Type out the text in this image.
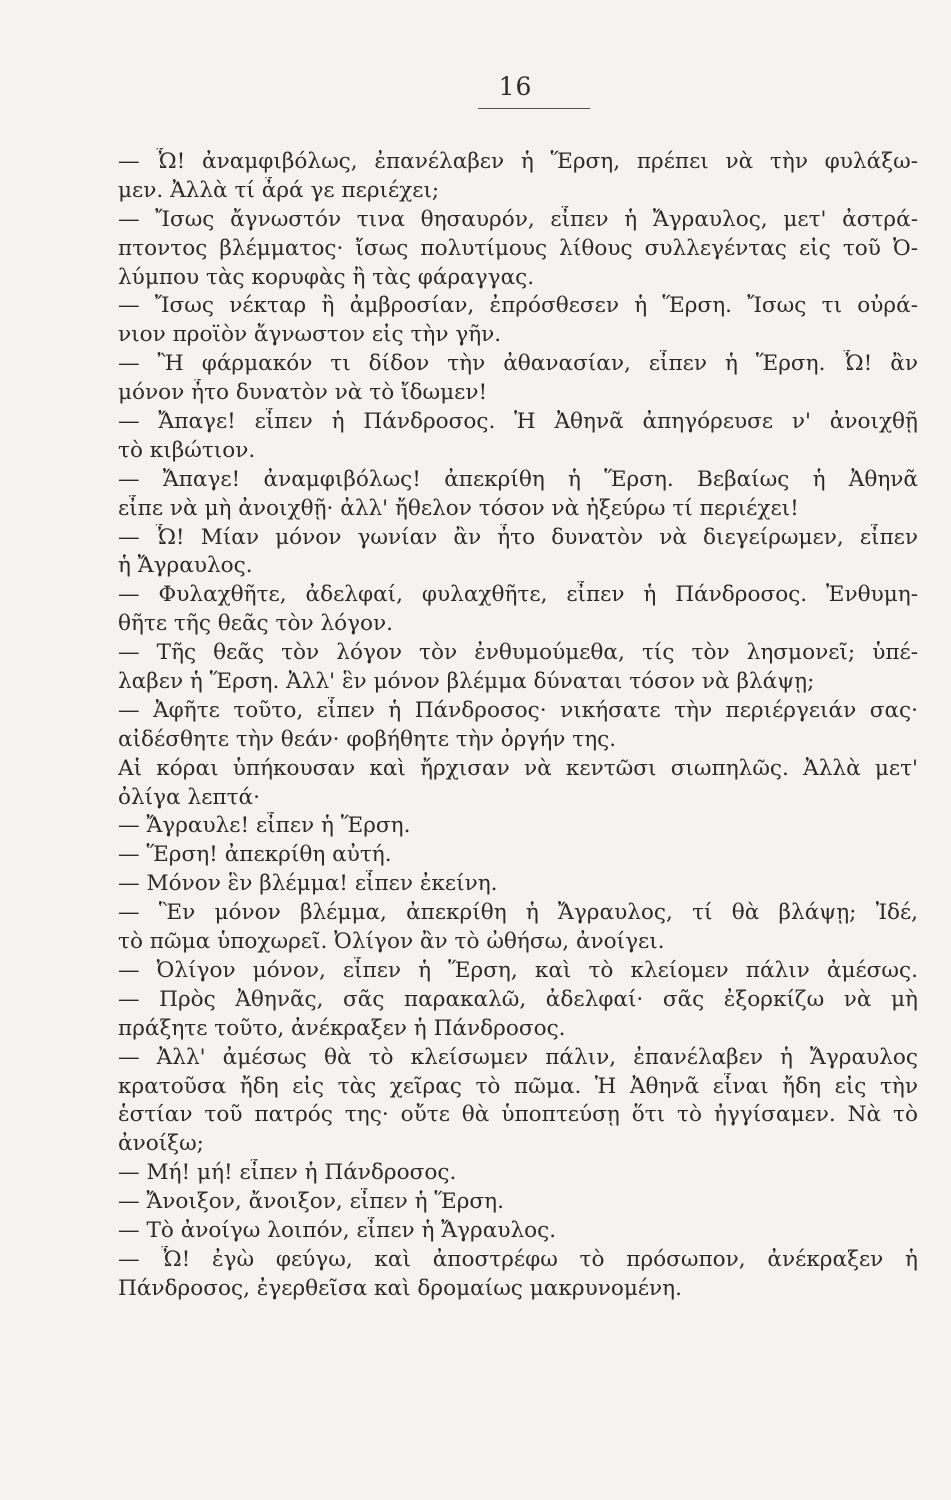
16
— Ὦ! ἀναμφιβόλως, ἐπανέλαβεν ἡ Ἕρση, πρέπει νὰ τὴν φυλάξω-
μεν. Ἀλλὰ τί ἆρά γε περιέχει;
— Ἴσως ἄγνωστόν τινα θησαυρόν, εἶπεν ἡ Ἄγραυλος, μετ' ἀστρά-
πτοντος βλέμματος· ἴσως πολυτίμους λίθους συλλεγέντας εἰς τοῦ Ὀ-
λύμπου τὰς κορυφὰς ἢ τὰς φάραγγας.
— Ἴσως νέκταρ ἢ ἀμβροσίαν, ἐπρόσθεσεν ἡ Ἕρση. Ἴσως τι οὐρά-
νιον προϊὸν ἄγνωστον εἰς τὴν γῆν.
— Ἢ φάρμακόν τι δίδον τὴν ἀθανασίαν, εἶπεν ἡ Ἕρση. Ὦ! ἂν
μόνον ἦτο δυνατὸν νὰ τὸ ἴδωμεν!
— Ἄπαγε! εἶπεν ἡ Πάνδροσος. Ἡ Ἀθηνᾶ ἀπηγόρευσε ν' ἀνοιχθῇ
τὸ κιβώτιον.
— Ἄπαγε! ἀναμφιβόλως! ἀπεκρίθη ἡ Ἕρση. Βεβαίως ἡ Ἀθηνᾶ
εἶπε νὰ μὴ ἀνοιχθῇ· ἀλλ' ἤθελον τόσον νὰ ἠξεύρω τί περιέχει!
— Ὦ! Μίαν μόνον γωνίαν ἂν ἦτο δυνατὸν νὰ διεγείρωμεν, εἶπεν
ἡ Ἄγραυλος.
— Φυλαχθῆτε, ἀδελφαί, φυλαχθῆτε, εἶπεν ἡ Πάνδροσος. Ἐνθυμη-
θῆτε τῆς θεᾶς τὸν λόγον.
— Τῆς θεᾶς τὸν λόγον τὸν ἐνθυμούμεθα, τίς τὸν λησμονεῖ; ὑπέ-
λαβεν ἡ Ἕρση. Ἀλλ' ἓν μόνον βλέμμα δύναται τόσον νὰ βλάψῃ;
— Ἀφῆτε τοῦτο, εἶπεν ἡ Πάνδροσος· νικήσατε τὴν περιέργειάν σας·
αἰδέσθητε τὴν θεάν· φοβήθητε τὴν ὀργήν της.
Αἱ κόραι ὑπήκουσαν καὶ ἤρχισαν νὰ κεντῶσι σιωπηλῶς. Ἀλλὰ μετ'
ὀλίγα λεπτά·
— Ἄγραυλε! εἶπεν ἡ Ἕρση.
— Ἕρση! ἀπεκρίθη αὐτή.
— Μόνον ἓν βλέμμα! εἶπεν ἐκείνη.
— Ἓν μόνον βλέμμα, ἀπεκρίθη ἡ Ἄγραυλος, τί θὰ βλάψῃ; Ἰδέ,
τὸ πῶμα ὑποχωρεῖ. Ὀλίγον ἂν τὸ ὠθήσω, ἀνοίγει.
— Ὀλίγον μόνον, εἶπεν ἡ Ἕρση, καὶ τὸ κλείομεν πάλιν ἀμέσως.
— Πρὸς Ἀθηνᾶς, σᾶς παρακαλῶ, ἀδελφαί· σᾶς ἐξορκίζω νὰ μὴ
πράξητε τοῦτο, ἀνέκραξεν ἡ Πάνδροσος.
— Ἀλλ' ἀμέσως θὰ τὸ κλείσωμεν πάλιν, ἐπανέλαβεν ἡ Ἄγραυλος
κρατοῦσα ἤδη εἰς τὰς χεῖρας τὸ πῶμα. Ἡ Ἀθηνᾶ εἶναι ἤδη εἰς τὴν
ἑστίαν τοῦ πατρός της· οὔτε θὰ ὑποπτεύσῃ ὅτι τὸ ἠγγίσαμεν. Νὰ τὸ
ἀνοίξω;
— Μή! μή! εἶπεν ἡ Πάνδροσος.
— Ἄνοιξον, ἄνοιξον, εἶπεν ἡ Ἕρση.
— Τὸ ἀνοίγω λοιπόν, εἶπεν ἡ Ἄγραυλος.
— Ὦ! ἐγὼ φεύγω, καὶ ἀποστρέφω τὸ πρόσωπον, ἀνέκραξεν ἡ
Πάνδροσος, ἐγερθεῖσα καὶ δρομαίως μακρυνομένη.
